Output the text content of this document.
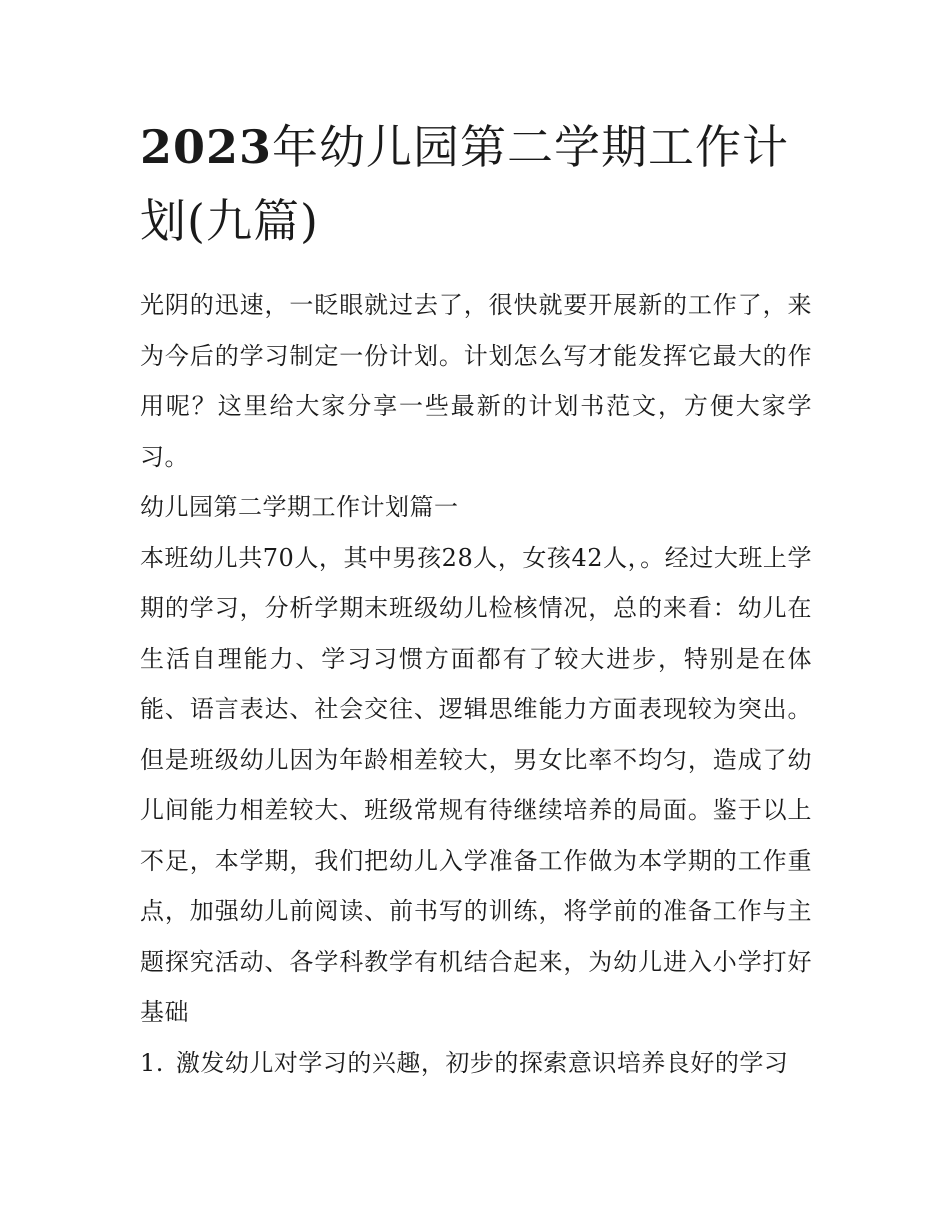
2023年幼儿园第二学期工作计划(九篇)

光阴的迅速，一眨眼就过去了，很快就要开展新的工作了，来为今后的学习制定一份计划。计划怎么写才能发挥它最大的作用呢？这里给大家分享一些最新的计划书范文，方便大家学习。

幼儿园第二学期工作计划篇一

本班幼儿共70人，其中男孩28人，女孩42人，。经过大班上学期的学习，分析学期末班级幼儿检核情况，总的来看：幼儿在生活自理能力、学习习惯方面都有了较大进步，特别是在体能、语言表达、社会交往、逻辑思维能力方面表现较为突出。但是班级幼儿因为年龄相差较大，男女比率不均匀，造成了幼儿间能力相差较大、班级常规有待继续培养的局面。鉴于以上不足，本学期，我们把幼儿入学准备工作做为本学期的工作重点，加强幼儿前阅读、前书写的训练，将学前的准备工作与主题探究活动、各学科教学有机结合起来，为幼儿进入小学打好基础

1. 激发幼儿对学习的兴趣，初步的探索意识培养良好的学习
